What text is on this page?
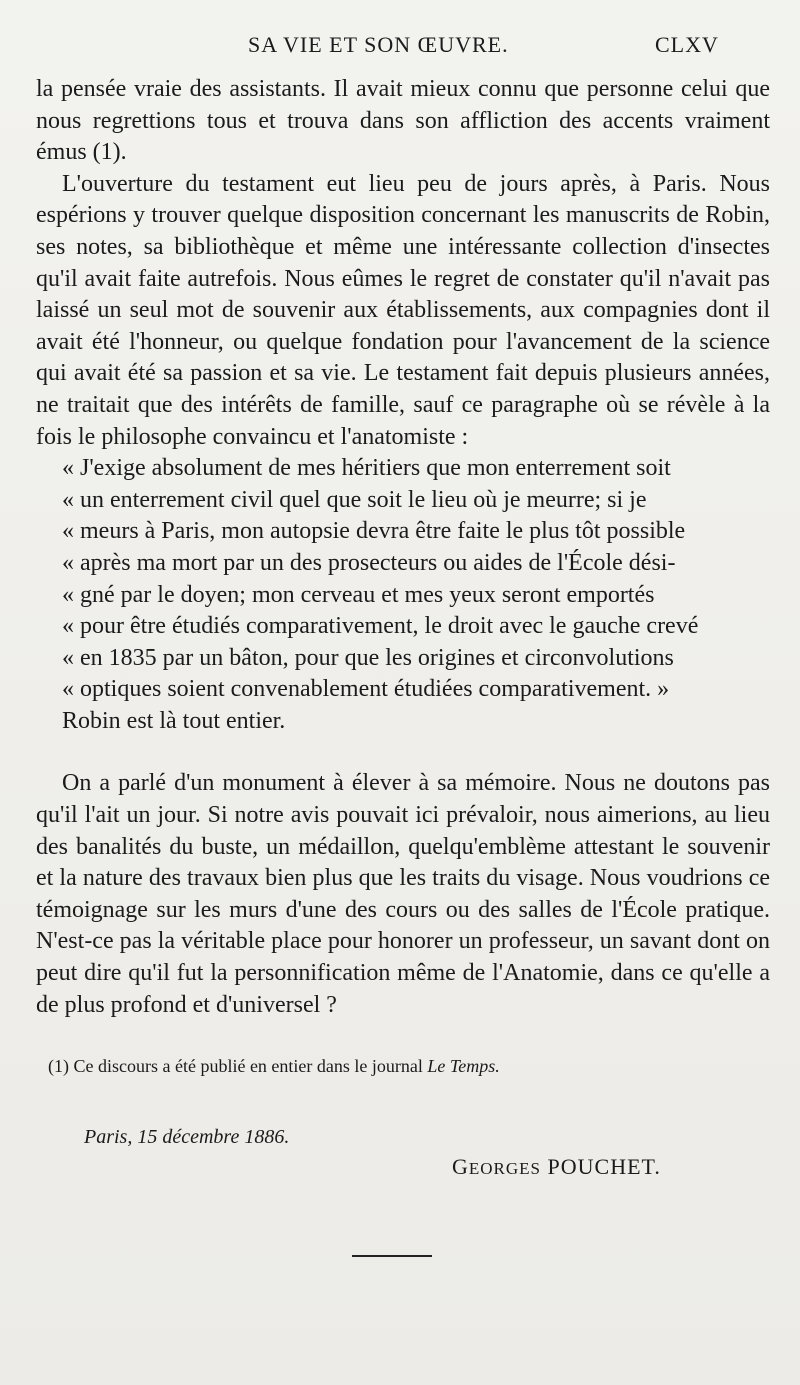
SA VIE ET SON ŒUVRE.	CLXV

la pensée vraie des assistants. Il avait mieux connu que personne celui que nous regrettions tous et trouva dans son affliction des accents vraiment émus (1).

L'ouverture du testament eut lieu peu de jours après, à Paris. Nous espérions y trouver quelque disposition concernant les manuscrits de Robin, ses notes, sa bibliothèque et même une intéressante collection d'insectes qu'il avait faite autrefois. Nous eûmes le regret de constater qu'il n'avait pas laissé un seul mot de souvenir aux établissements, aux compagnies dont il avait été l'honneur, ou quelque fondation pour l'avancement de la science qui avait été sa passion et sa vie. Le testament fait depuis plusieurs années, ne traitait que des intérêts de famille, sauf ce paragraphe où se révèle à la fois le philosophe convaincu et l'anatomiste :

« J'exige absolument de mes héritiers que mon enterrement soit
« un enterrement civil quel que soit le lieu où je meurre; si je
« meurs à Paris, mon autopsie devra être faite le plus tôt possible
« après ma mort par un des prosecteurs ou aides de l'École dési-
« gné par le doyen; mon cerveau et mes yeux seront emportés
« pour être étudiés comparativement, le droit avec le gauche crevé
« en 1835 par un bâton, pour que les origines et circonvolutions
« optiques soient convenablement étudiées comparativement. »
Robin est là tout entier.

On a parlé d'un monument à élever à sa mémoire. Nous ne doutons pas qu'il l'ait un jour. Si notre avis pouvait ici prévaloir, nous aimerions, au lieu des banalités du buste, un médaillon, quelqu'emblème attestant le souvenir et la nature des travaux bien plus que les traits du visage. Nous voudrions ce témoignage sur les murs d'une des cours ou des salles de l'École pratique. N'est-ce pas la véritable place pour honorer un professeur, un savant dont on peut dire qu'il fut la personnification même de l'Anatomie, dans ce qu'elle a de plus profond et d'universel ?

(1) Ce discours a été publié en entier dans le journal Le Temps.
Paris, 15 décembre 1886.
GEORGES POUCHET.
